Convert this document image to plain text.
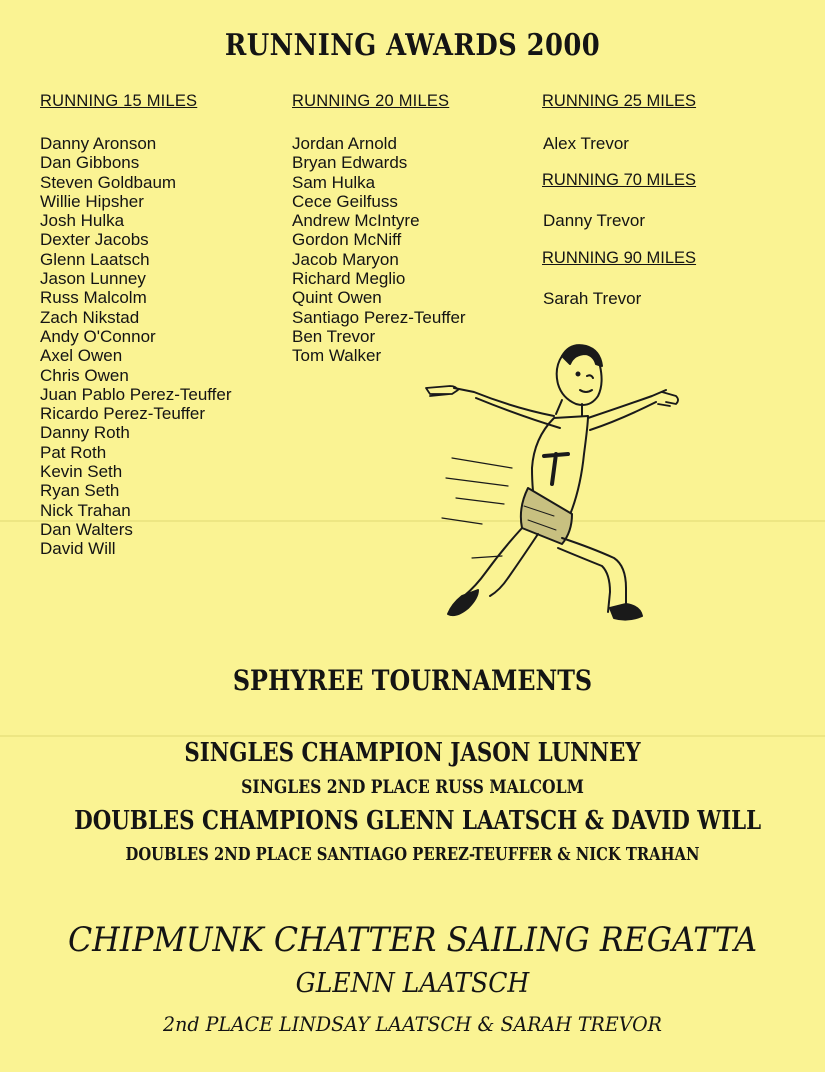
RUNNING AWARDS 2000
RUNNING 15 MILES	RUNNING 20 MILES
Danny Aronson
Dan Gibbons
Steven Goldbaum
Willie Hipsher
Josh Hulka
Dexter Jacobs
Glenn Laatsch
Jason Lunney
Russ Malcolm
Zach Nikstad
Andy O'Connor
Axel Owen
Chris Owen
Juan Pablo Perez-Teuffer
Ricardo Perez-Teuffer
Danny Roth
Pat Roth
Kevin Seth
Ryan Seth
Nick Trahan
Dan Walters
David Will
Jordan Arnold
Bryan Edwards
Sam Hulka
Cece Geilfuss
Andrew McIntyre
Gordon McNiff
Jacob Maryon
Richard Meglio
Quint Owen
Santiago Perez-Teuffer
Ben Trevor
Tom Walker
RUNNING 25 MILES
Alex Trevor
RUNNING 70 MILES
Danny Trevor
RUNNING 90 MILES
Sarah Trevor
SPHYREE TOURNAMENTS
SINGLES CHAMPION JASON LUNNEY
SINGLES 2ND PLACE RUSS MALCOLM
DOUBLES CHAMPIONS GLENN LAATSCH & DAVID WILL
DOUBLES 2ND PLACE SANTIAGO PEREZ-TEUFFER & NICK TRAHAN
CHIPMUNK CHATTER SAILING REGATTA
GLENN LAATSCH
2nd PLACE LINDSAY LAATSCH & SARAH TREVOR
